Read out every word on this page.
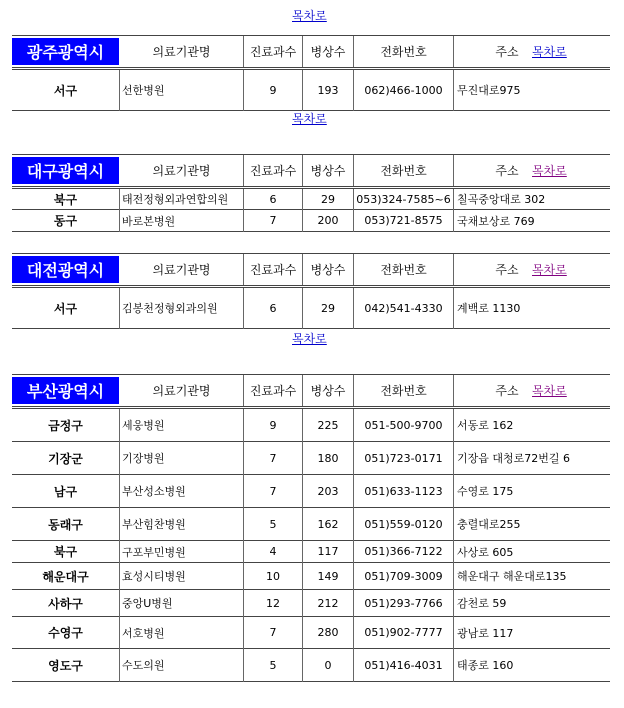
목차로
광주광역시	의료기관명	진료과수	병상수	전화번호	주소 목차로
서구	선한병원	9	193	062)466-1000	무진대로975
목차로
대구광역시	의료기관명	진료과수	병상수	전화번호	주소 목차로
북구	태전정형외과연합의원	6	29	053)324-7585~6 칠곡중앙대로 302
동구	바로본병원	7	200	053)721-8575	국채보상로 769
대전광역시	의료기관명	진료과수	병상수	전화번호	주소 목차로
서구	김봉천정형외과의원	6	29	042)541-4330	계백로 1130
목차로
부산광역시	의료기관명	진료과수	병상수	전화번호	주소 목차로
금정구	세웅병원	9	225	051-500-9700	서동로 162
기장군	기장병원	7	180	051)723-0171	기장읍 대청로72번길 6
남구	부산성소병원	7	203	051)633-1123	수영로 175
동래구	부산힘찬병원	5	162	051)559-0120	충렬대로255
북구	구포부민병원	4	117	051)366-7122	사상로 605
해운대구	효성시티병원	10	149	051)709-3009	해운대구 해운대로135
사하구	중앙U병원	12	212	051)293-7766	감천로 59
수영구	서호병원	7	280	051)902-7777	광남로 117
영도구	수도의원	5	0	051)416-4031	태종로 160
